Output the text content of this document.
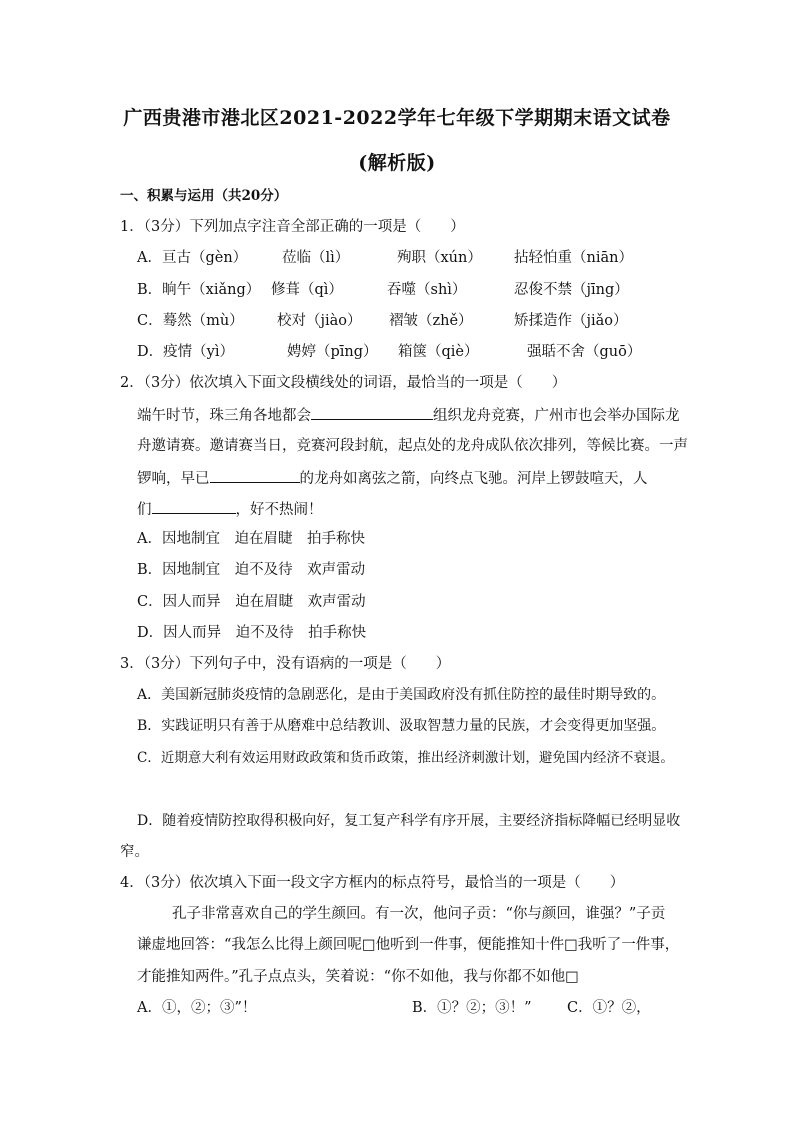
广西贵港市港北区2021-2022学年七年级下学期期末语文试卷
(解析版)
一、积累与运用（共20分）
1．（3分）下列加点字注音全部正确的一项是（　　）
A．亘古（gèn） 莅临（lì）	殉职（xún） 拈轻怕重（niān）
B．晌午（xiǎng） 修葺（qì）	吞噬（shì）	忍俊不禁（jīng）
C．蓦然（mù） 校对（jiào） 褶皱（zhě）	矫揉造作（jiǎo）
D．疫情（yì）	娉婷（pīng） 箱箧（qiè）	强聒不舍（guō）
2．（3分）依次填入下面文段横线处的词语，最恰当的一项是（　　）
端午时节，珠三角各地都会	组织龙舟竞赛，广州市也会举办国际龙
舟邀请赛。邀请赛当日，竞赛河段封航，起点处的龙舟成队依次排列，等候比赛。一声
锣响，早已	的龙舟如离弦之箭，向终点飞驰。河岸上锣鼓喧天，人
们	，好不热闹！
A．因地制宜　迫在眉睫　拍手称快
B．因地制宜　迫不及待　欢声雷动
C．因人而异　迫在眉睫　欢声雷动
D．因人而异　迫不及待　拍手称快
3．（3分）下列句子中，没有语病的一项是（　　）
A．美国新冠肺炎疫情的急剧恶化，是由于美国政府没有抓住防控的最佳时期导致的。
B．实践证明只有善于从磨难中总结教训、汲取智慧力量的民族，才会变得更加坚强。
C．近期意大利有效运用财政政策和货币政策，推出经济刺激计划，避免国内经济不衰退。
D．随着疫情防控取得积极向好，复工复产科学有序开展，主要经济指标降幅已经明显收
窄。
4．（3分）依次填入下面一段文字方框内的标点符号，最恰当的一项是（　　）
孔子非常喜欢自己的学生颜回。有一次，他问子贡：“你与颜回，谁强？”子贡
谦虚地回答：“我怎么比得上颜回呢□他听到一件事，便能推知十件□我听了一件事，
才能推知两件。”孔子点点头，笑着说：“你不如他，我与你都不如他□
A．①，②；③”！	B．①？②；③！” C．①？②，
